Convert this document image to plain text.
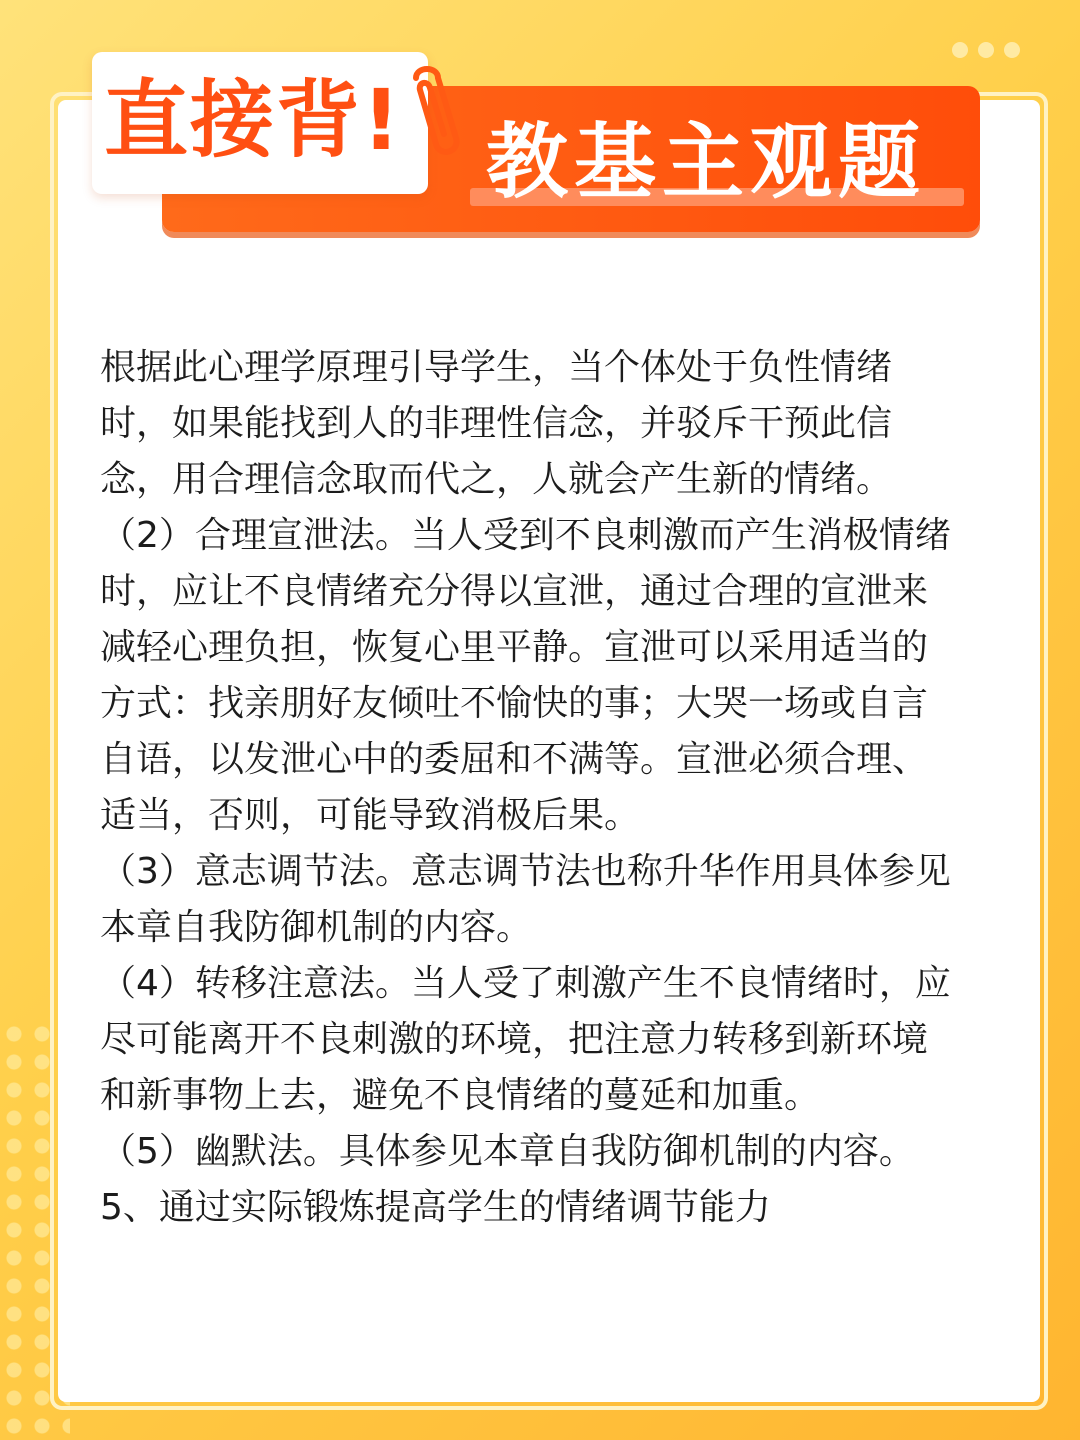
教基主观题
直接背!

根据此心理学原理引导学生，当个体处于负性情绪

时，如果能找到人的非理性信念，并驳斥干预此信

念，用合理信念取而代之，人就会产生新的情绪。

（2）合理宣泄法。当人受到不良刺激而产生消极情绪

时，应让不良情绪充分得以宣泄，通过合理的宣泄来

减轻心理负担，恢复心里平静。宣泄可以采用适当的

方式：找亲朋好友倾吐不愉快的事；大哭一场或自言

自语，以发泄心中的委屈和不满等。宣泄必须合理、

适当，否则，可能导致消极后果。

（3）意志调节法。意志调节法也称升华作用具体参见

本章自我防御机制的内容。

（4）转移注意法。当人受了刺激产生不良情绪时，应

尽可能离开不良刺激的环境，把注意力转移到新环境

和新事物上去，避免不良情绪的蔓延和加重。

（5）幽默法。具体参见本章自我防御机制的内容。

5、通过实际锻炼提高学生的情绪调节能力
